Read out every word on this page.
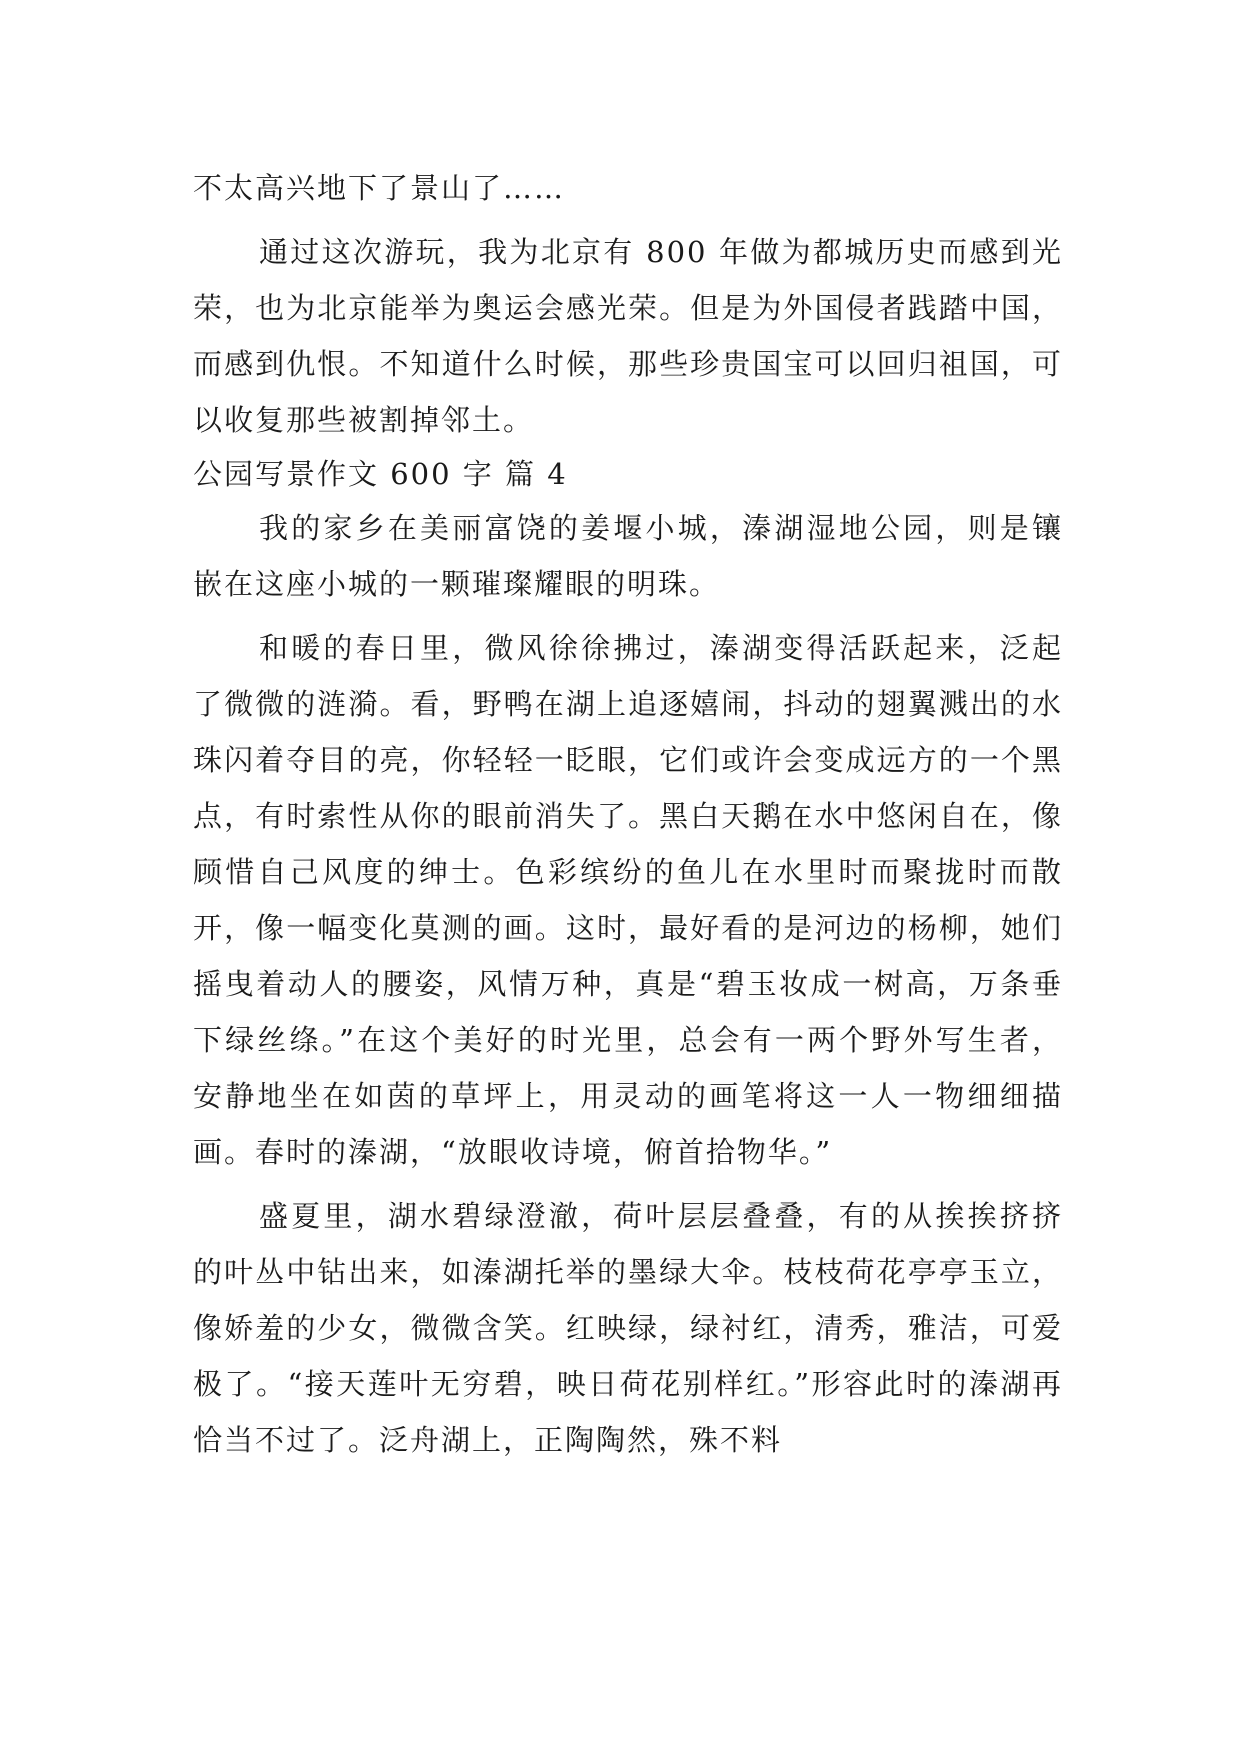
不太高兴地下了景山了……

通过这次游玩，我为北京有 800 年做为都城历史而感到光荣，也为北京能举为奥运会感光荣。但是为外国侵者践踏中国，而感到仇恨。不知道什么时候，那些珍贵国宝可以回归祖国，可以收复那些被割掉邻土。

公园写景作文 600 字 篇 4

我的家乡在美丽富饶的姜堰小城，溱湖湿地公园，则是镶嵌在这座小城的一颗璀璨耀眼的明珠。

和暖的春日里，微风徐徐拂过，溱湖变得活跃起来，泛起了微微的涟漪。看，野鸭在湖上追逐嬉闹，抖动的翅翼溅出的水珠闪着夺目的亮，你轻轻一眨眼，它们或许会变成远方的一个黑点，有时索性从你的眼前消失了。黑白天鹅在水中悠闲自在，像顾惜自己风度的绅士。色彩缤纷的鱼儿在水里时而聚拢时而散开，像一幅变化莫测的画。这时，最好看的是河边的杨柳，她们摇曳着动人的腰姿，风情万种，真是“碧玉妆成一树高，万条垂下绿丝绦。”在这个美好的时光里，总会有一两个野外写生者，安静地坐在如茵的草坪上，用灵动的画笔将这一人一物细细描画。春时的溱湖，“放眼收诗境，俯首拾物华。”

盛夏里，湖水碧绿澄澈，荷叶层层叠叠，有的从挨挨挤挤的叶丛中钻出来，如溱湖托举的墨绿大伞。枝枝荷花亭亭玉立，像娇羞的少女，微微含笑。红映绿，绿衬红，清秀，雅洁，可爱极了。“接天莲叶无穷碧，映日荷花别样红。”形容此时的溱湖再恰当不过了。泛舟湖上，正陶陶然，殊不料
